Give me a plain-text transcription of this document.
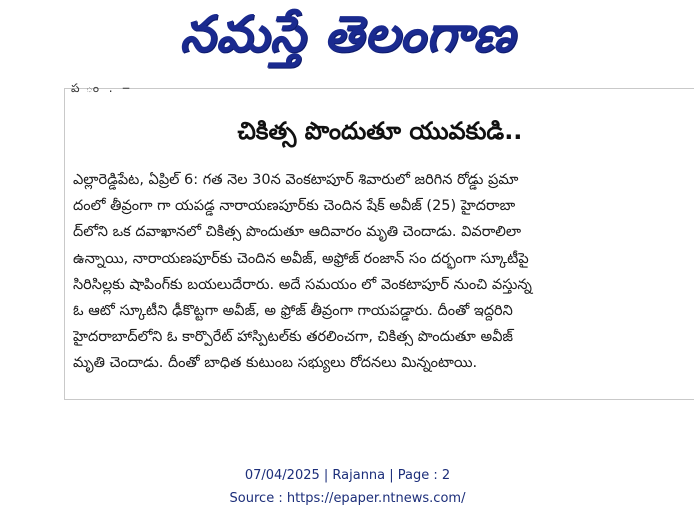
నమస్తే తెలంగాణ
ప ం . ౼
చికిత్స పొందుతూ యువకుడి..
ఎల్లారెడ్డిపేట, ఏప్రిల్ 6: గత నెల 30న వెంకటాపూర్ శివారులో జరిగిన రోడ్డు ప్రమా
దంలో తీవ్రంగా గా యపడ్డ నారాయణపూర్‌కు చెందిన షేక్ అవీజ్ (25) హైదరాబా
ద్‌లోని ఒక దవాఖానలో చికిత్స పొందుతూ ఆదివారం మృతి చెందాడు. వివరాలిలా
ఉన్నాయి, నారాయణపూర్‌కు చెందిన అవీజ్, అఫ్రోజ్ రంజాన్ సం దర్భంగా స్కూటీపై
సిరిసిల్లకు షాపింగ్‌కు బయలుదేరారు. అదే సమయం లో వెంకటాపూర్ నుంచి వస్తున్న
ఓ ఆటో స్కూటీని ఢీకొట్టగా అవీజ్, అ ఫ్రోజ్ తీవ్రంగా గాయపడ్డారు. దీంతో ఇద్దరిని
హైదరాబాద్‌లోని ఓ కార్పొరేట్ హాస్పిటల్‌కు తరలించగా, చికిత్స పొందుతూ అవీజ్
మృతి చెందాడు. దీంతో బాధిత కుటుంబ సభ్యులు రోదనలు మిన్నంటాయి.
07/04/2025 | Rajanna | Page : 2
Source : https://epaper.ntnews.com/
